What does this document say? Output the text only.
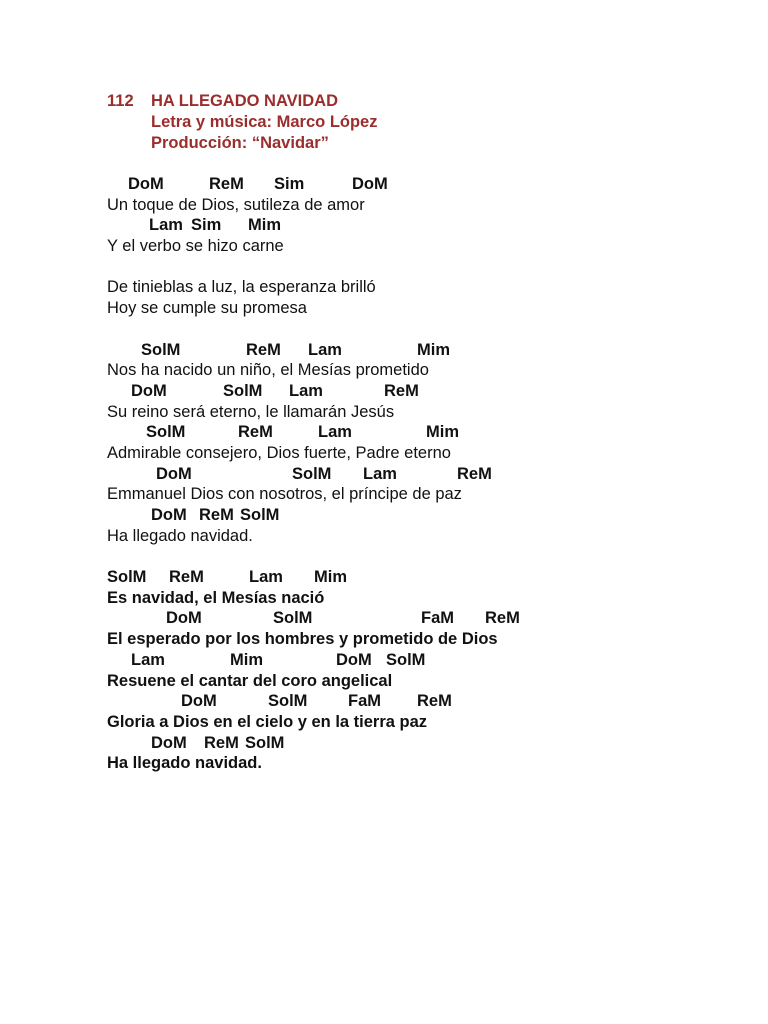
112 HA LLEGADO NAVIDAD
Letra y música: Marco López
Producción: “Navidar”

DoM

	ReM

Sim

	DoM

Un toque de Dios, sutileza de amor

Lam

Sim

Mim

Y el verbo se hizo carne
De tinieblas a luz, la esperanza brilló
Hoy se cumple su promesa

SolM

	ReM

Lam

	Mim

Nos ha nacido un niño, el Mesías prometido

DoM

	SolM

Lam

	ReM

Su reino será eterno, le llamarán Jesús

SolM

	ReM

	Lam

	Mim

Admirable consejero, Dios fuerte, Padre eterno

DoM

	SolM

Lam

	ReM

Emmanuel Dios con nosotros, el príncipe de paz

DoM

ReM

SolM

Ha llegado navidad.

SolM

ReM

	Lam

Mim

Es navidad, el Mesías nació

DoM

	SolM

	FaM

ReM

El esperado por los hombres y prometido de Dios

Lam

	Mim

	DoM

SolM

Resuene el cantar del coro angelical

DoM

	SolM

FaM

ReM

Gloria a Dios en el cielo y en la tierra paz

DoM

ReM

SolM

Ha llegado navidad.
